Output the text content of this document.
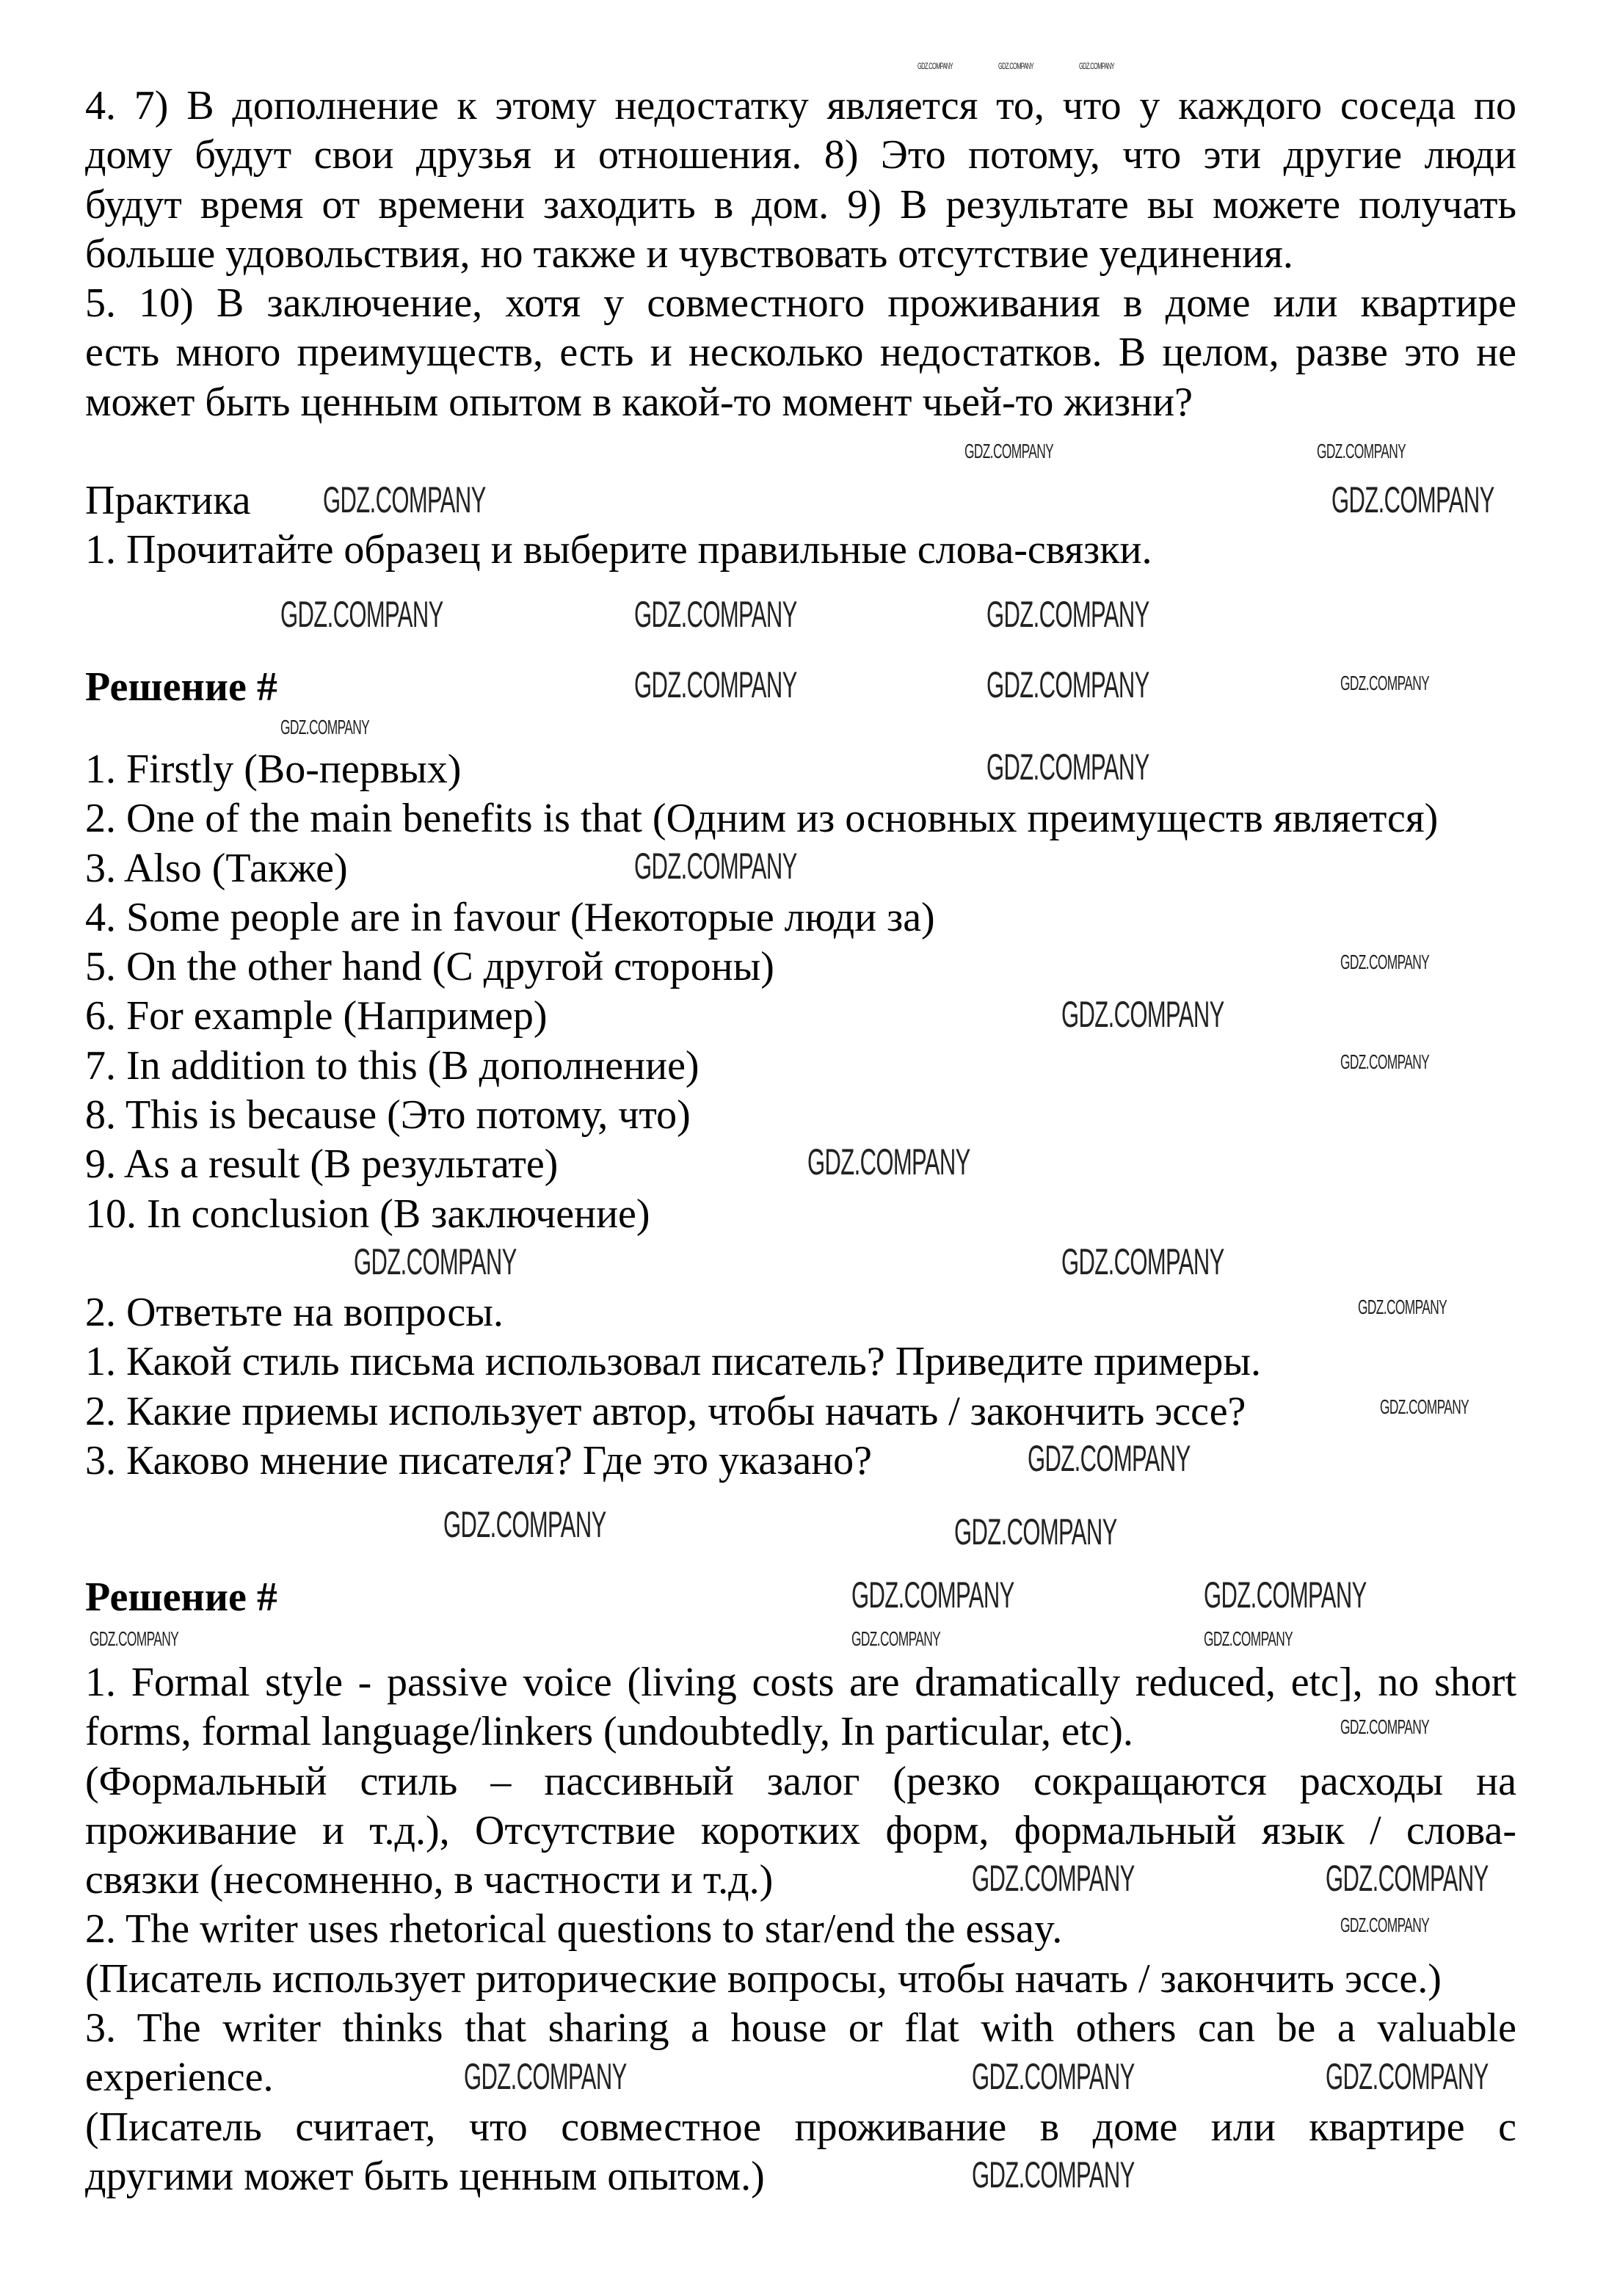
4. 7) В дополнение к этому недостатку является то, что у каждого соседа по
дому будут свои друзья и отношения. 8) Это потому, что эти другие люди
будут время от времени заходить в дом. 9) В результате вы можете получать
больше удовольствия, но также и чувствовать отсутствие уединения.
5. 10) В заключение, хотя у совместного проживания в доме или квартире
есть много преимуществ, есть и несколько недостатков. В целом, разве это не
может быть ценным опытом в какой-то момент чьей-то жизни?
Практика
1. Прочитайте образец и выберите правильные слова-связки.
Решение #
1. Firstly (Во-первых)
2. One of the main benefits is that (Одним из основных преимуществ является)
3. Also (Также)
4. Some people are in favour (Некоторые люди за)
5. On the other hand (С другой стороны)
6. For example (Например)
7. In addition to this (В дополнение)
8. This is because (Это потому, что)
9. As a result (В результате)
10. In conclusion (В заключение)
2. Ответьте на вопросы.
1. Какой стиль письма использовал писатель? Приведите примеры.
2. Какие приемы использует автор, чтобы начать / закончить эссе?
3. Каково мнение писателя? Где это указано?
Решение #
1. Formal style - passive voice (living costs are dramatically reduced, etc], no short
forms, formal language/linkers (undoubtedly, In particular, etc).
(Формальный стиль – пассивный залог (резко сокращаются расходы на
проживание и т.д.), Отсутствие коротких форм, формальный язык / слова-
связки (несомненно, в частности и т.д.)
2. The writer uses rhetorical questions to star/end the essay.
(Писатель использует риторические вопросы, чтобы начать / закончить эссе.)
3. The writer thinks that sharing a house or flat with others can be a valuable
experience.
(Писатель считает, что совместное проживание в доме или квартире с
другими может быть ценным опытом.)
GDZ.COMPANY	GDZ.COMPANY	GDZ.COMPANY
GDZ.COMPANY	GDZ.COMPANY
GDZ.COMPANY	GDZ.COMPANY
GDZ.COMPANY	GDZ.COMPANY	GDZ.COMPANY
GDZ.COMPANY	GDZ.COMPANY	GDZ.COMPANY
GDZ.COMPANY
GDZ.COMPANY
GDZ.COMPANY
GDZ.COMPANY
GDZ.COMPANY
GDZ.COMPANY
GDZ.COMPANY
GDZ.COMPANY	GDZ.COMPANY
GDZ.COMPANY
GDZ.COMPANY
GDZ.COMPANY
GDZ.COMPANY	GDZ.COMPANY
GDZ.COMPANY	GDZ.COMPANY
GDZ.COMPANY	GDZ.COMPANY	GDZ.COMPANY
GDZ.COMPANY
GDZ.COMPANY	GDZ.COMPANY
GDZ.COMPANY
GDZ.COMPANY	GDZ.COMPANY	GDZ.COMPANY
GDZ.COMPANY
